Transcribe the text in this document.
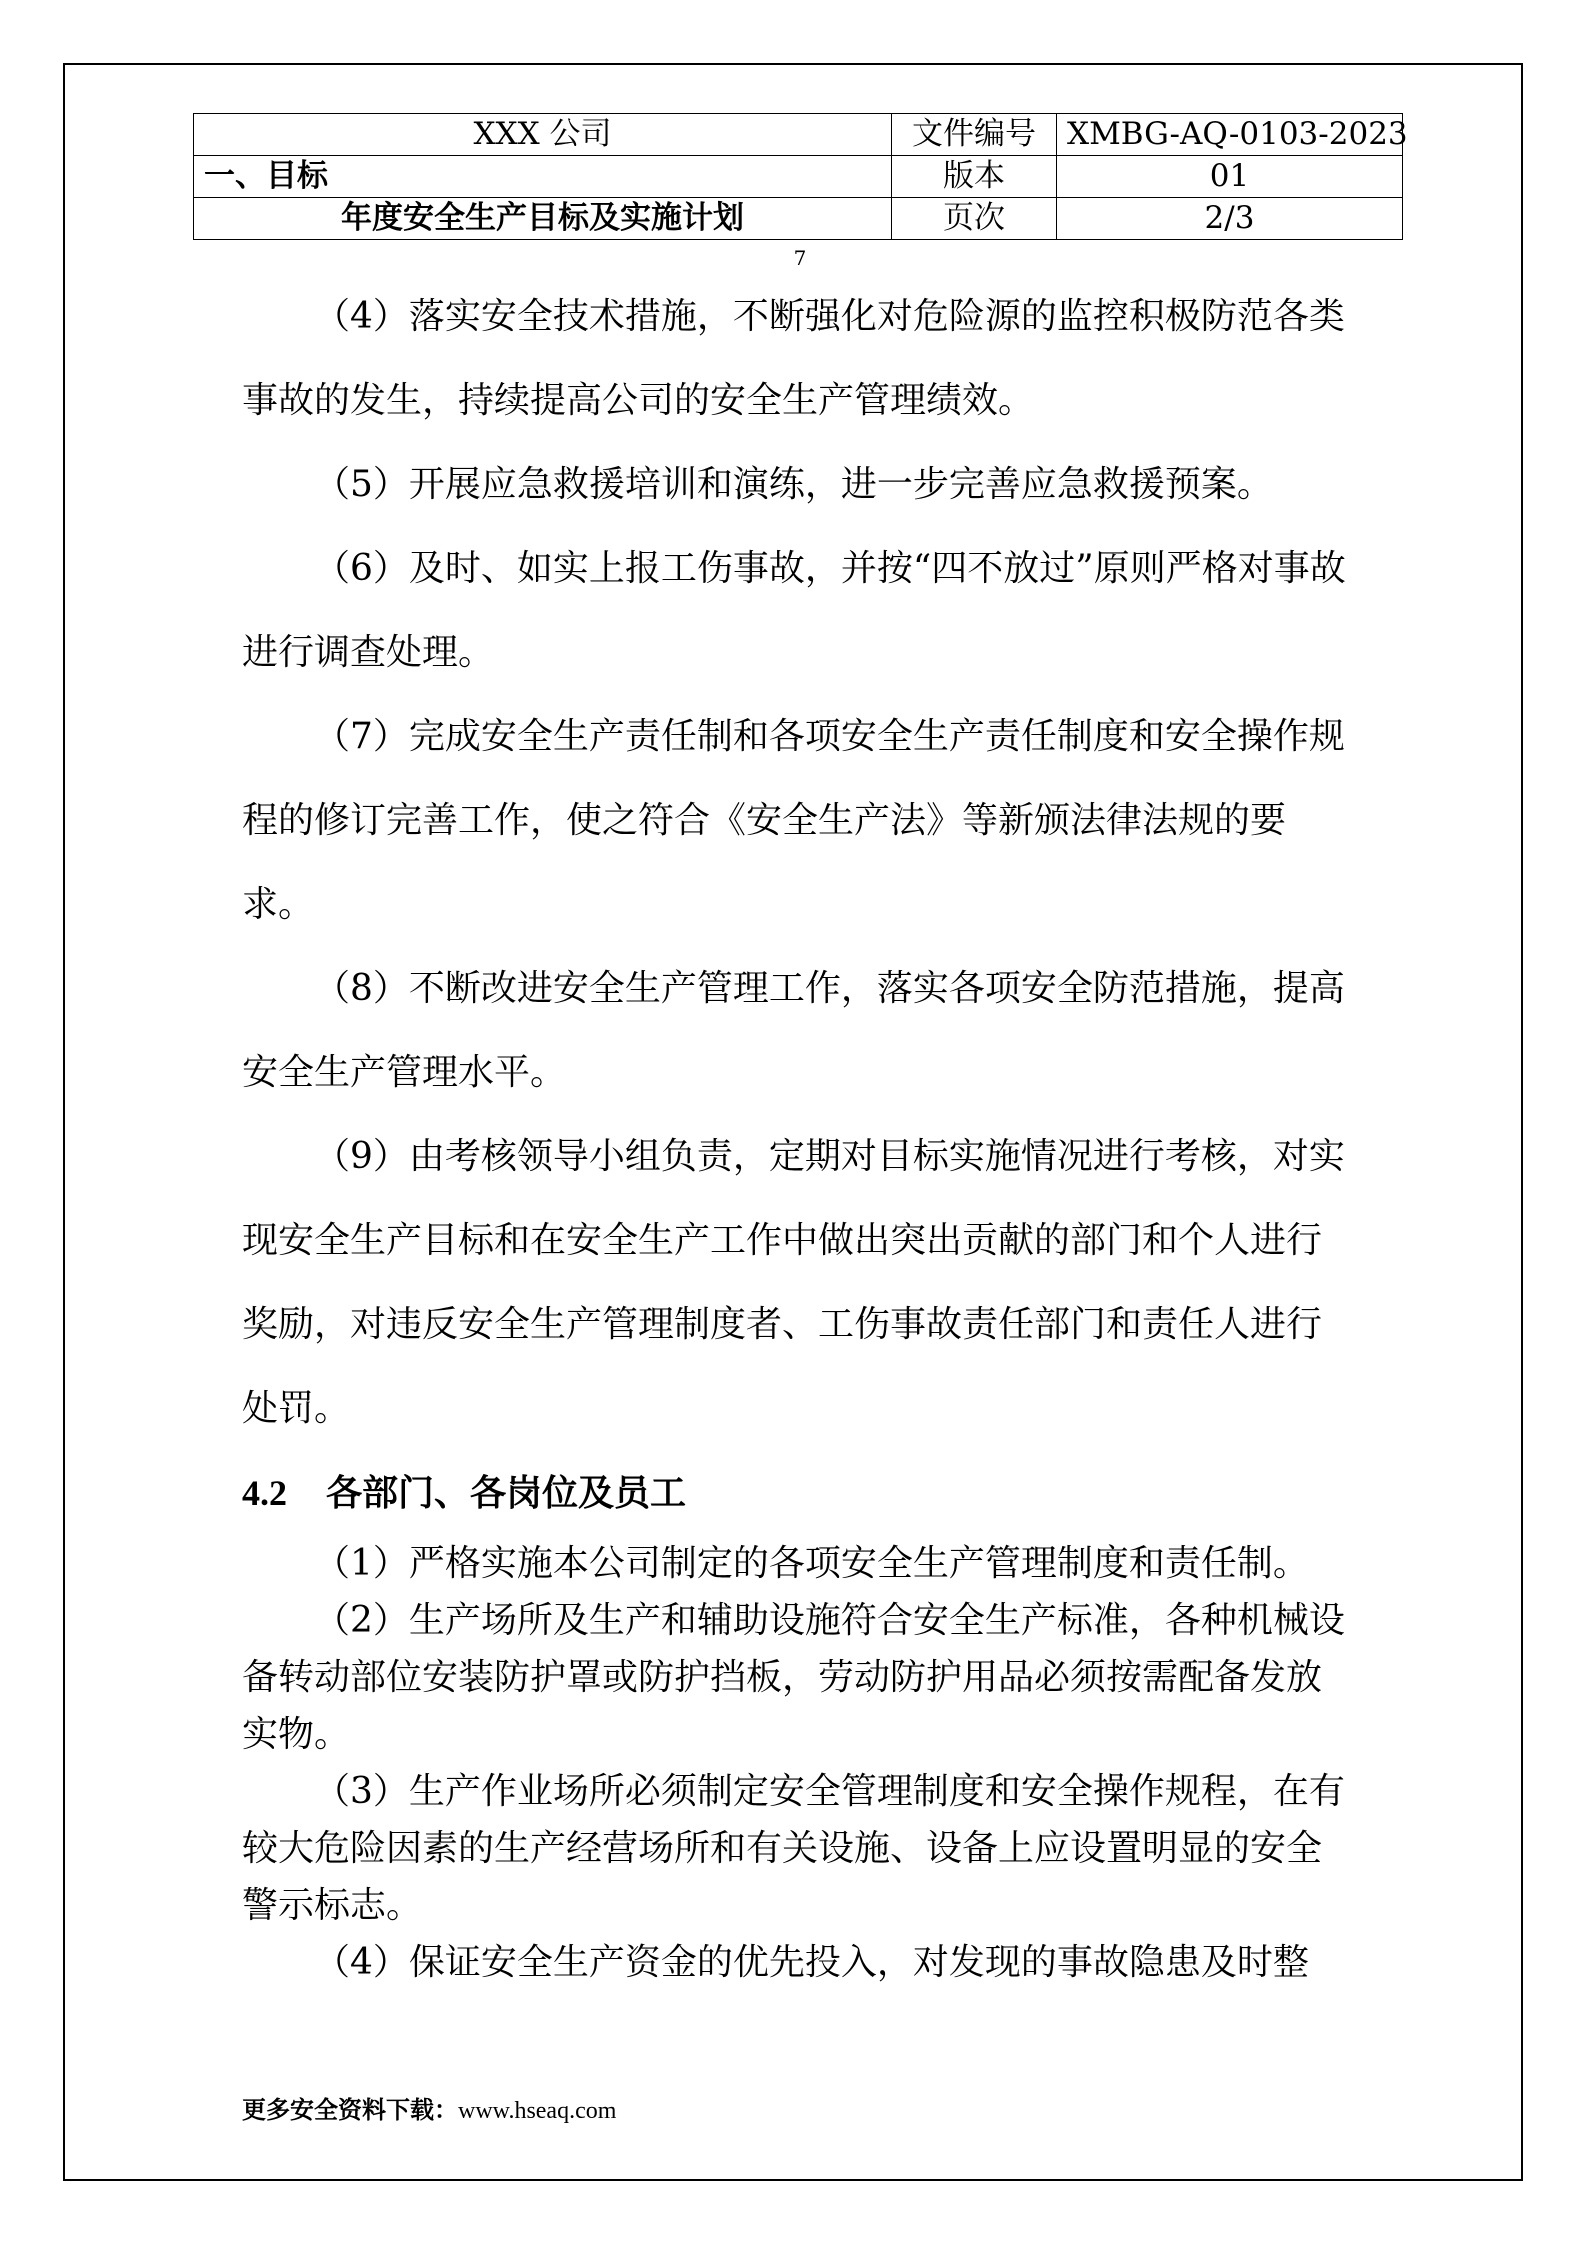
XXX 公司	文件编号	XMBG-AQ-0103-2023
一、目标	版本	01
年度安全生产目标及实施计划	页次	2/3
7

（4）落实安全技术措施，不断强化对危险源的监控积极防范各类事故的发生，持续提高公司的安全生产管理绩效。

（5）开展应急救援培训和演练，进一步完善应急救援预案。

（6）及时、如实上报工伤事故，并按“四不放过”原则严格对事故进行调查处理。

（7）完成安全生产责任制和各项安全生产责任制度和安全操作规程的修订完善工作，使之符合《安全生产法》等新颁法律法规的要求。

（8）不断改进安全生产管理工作，落实各项安全防范措施，提高安全生产管理水平。

（9）由考核领导小组负责，定期对目标实施情况进行考核，对实现安全生产目标和在安全生产工作中做出突出贡献的部门和个人进行奖励，对违反安全生产管理制度者、工伤事故责任部门和责任人进行处罚。

4.2 各部门、各岗位及员工

（1）严格实施本公司制定的各项安全生产管理制度和责任制。

（2）生产场所及生产和辅助设施符合安全生产标准，各种机械设备转动部位安装防护罩或防护挡板，劳动防护用品必须按需配备发放实物。

（3）生产作业场所必须制定安全管理制度和安全操作规程，在有较大危险因素的生产经营场所和有关设施、设备上应设置明显的安全警示标志。

（4）保证安全生产资金的优先投入，对发现的事故隐患及时整

更多安全资料下载：www.hseaq.com
